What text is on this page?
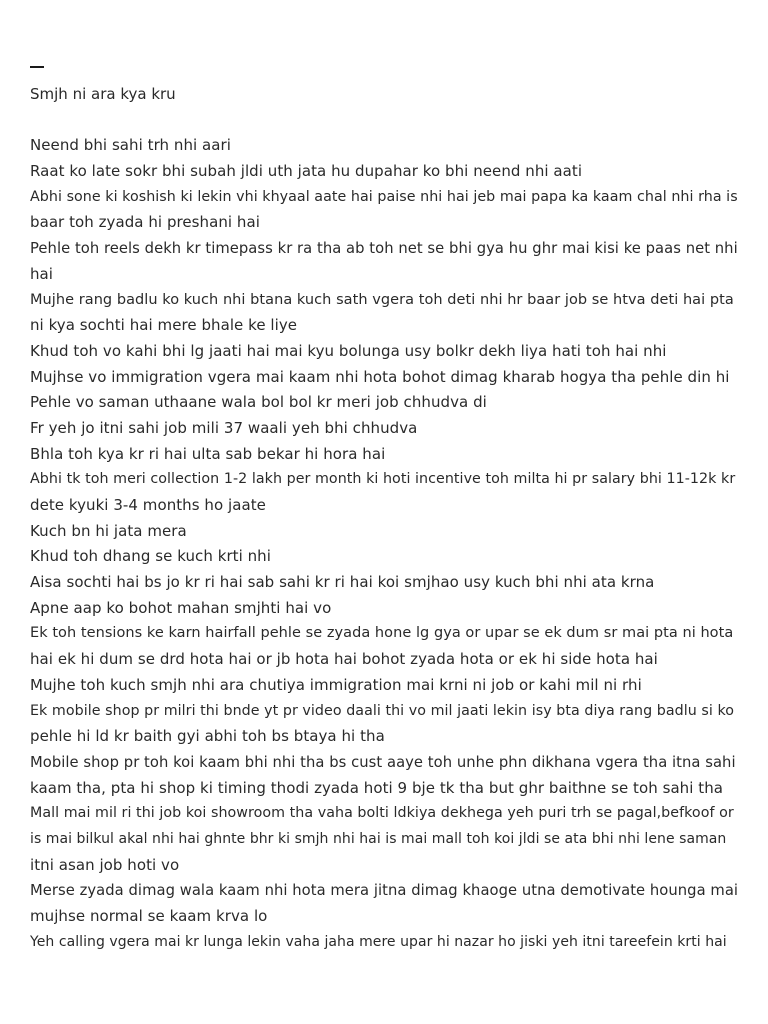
Smjh ni ara kya kru
Neend bhi sahi trh nhi aari
Raat ko late sokr bhi subah jldi uth jata hu dupahar ko bhi neend nhi aati
Abhi sone ki koshish ki lekin vhi khyaal aate hai paise nhi hai jeb mai papa ka kaam chal nhi rha is
baar toh zyada hi preshani hai
Pehle toh reels dekh kr timepass kr ra tha ab toh net se bhi gya hu ghr mai kisi ke paas net nhi
hai
Mujhe rang badlu ko kuch nhi btana kuch sath vgera toh deti nhi hr baar job se htva deti hai pta
ni kya sochti hai mere bhale ke liye
Khud toh vo kahi bhi lg jaati hai mai kyu bolunga usy bolkr dekh liya hati toh hai nhi
Mujhse vo immigration vgera mai kaam nhi hota bohot dimag kharab hogya tha pehle din hi
Pehle vo saman uthaane wala bol bol kr meri job chhudva di
Fr yeh jo itni sahi job mili 37 waali yeh bhi chhudva
Bhla toh kya kr ri hai ulta sab bekar hi hora hai
Abhi tk toh meri collection 1-2 lakh per month ki hoti incentive toh milta hi pr salary bhi 11-12k kr
dete kyuki 3-4 months ho jaate
Kuch bn hi jata mera
Khud toh dhang se kuch krti nhi
Aisa sochti hai bs jo kr ri hai sab sahi kr ri hai koi smjhao usy kuch bhi nhi ata krna
Apne aap ko bohot mahan smjhti hai vo
Ek toh tensions ke karn hairfall pehle se zyada hone lg gya or upar se ek dum sr mai pta ni hota
hai ek hi dum se drd hota hai or jb hota hai bohot zyada hota or ek hi side hota hai
Mujhe toh kuch smjh nhi ara chutiya immigration mai krni ni job or kahi mil ni rhi
Ek mobile shop pr milri thi bnde yt pr video daali thi vo mil jaati lekin isy bta diya rang badlu si ko
pehle hi ld kr baith gyi abhi toh bs btaya hi tha
Mobile shop pr toh koi kaam bhi nhi tha bs cust aaye toh unhe phn dikhana vgera tha itna sahi
kaam tha, pta hi shop ki timing thodi zyada hoti 9 bje tk tha but ghr baithne se toh sahi tha
Mall mai mil ri thi job koi showroom tha vaha bolti ldkiya dekhega yeh puri trh se pagal,befkoof or
is mai bilkul akal nhi hai ghnte bhr ki smjh nhi hai is mai mall toh koi jldi se ata bhi nhi lene saman
itni asan job hoti vo
Merse zyada dimag wala kaam nhi hota mera jitna dimag khaoge utna demotivate hounga mai
mujhse normal se kaam krva lo
Yeh calling vgera mai kr lunga lekin vaha jaha mere upar hi nazar ho jiski yeh itni tareefein krti hai
